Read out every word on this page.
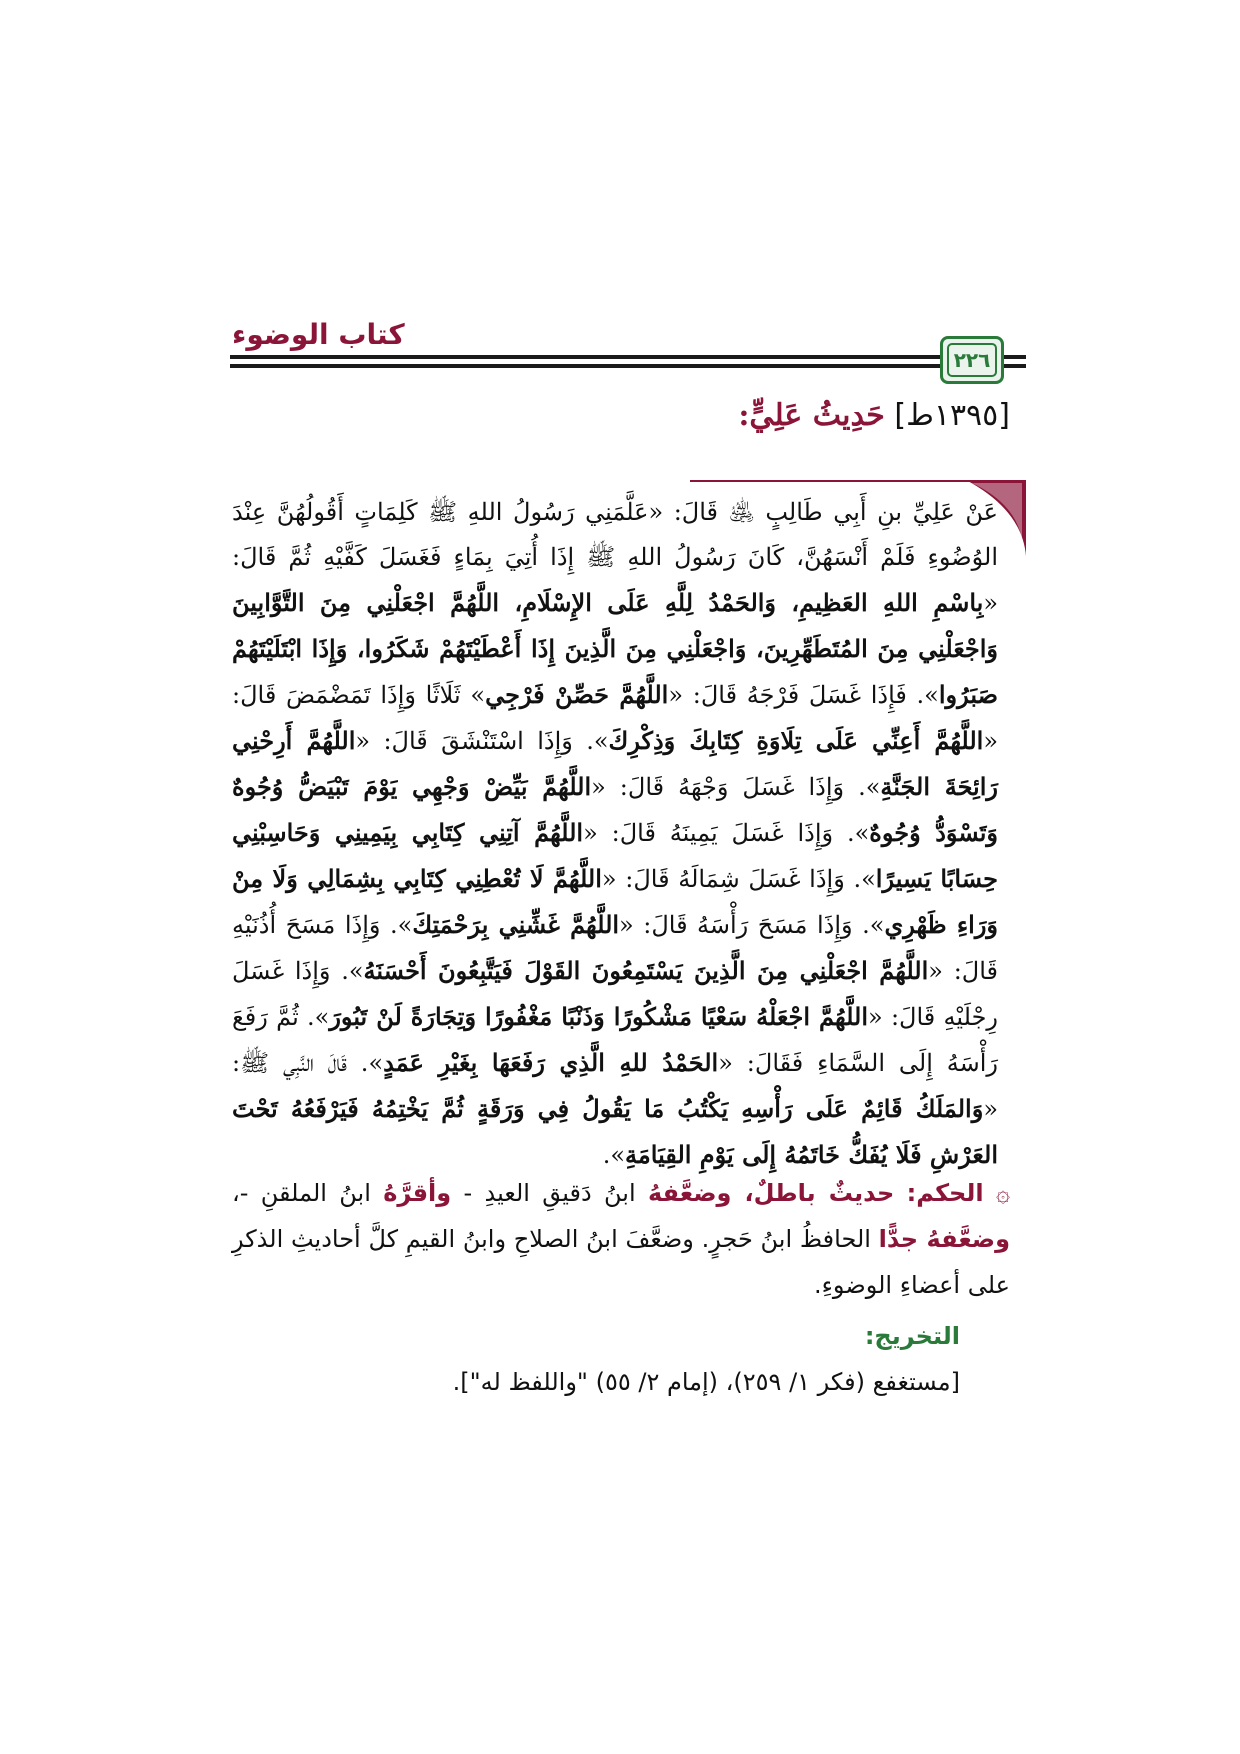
كتاب الوضوء
٢٢٦
[١٣٩٥ط] حَدِيثُ عَلِيٍّ:
عَنْ عَلِيِّ بنِ أَبِي طَالِبٍ ﵁ قَالَ: «عَلَّمَنِي رَسُولُ اللهِ ﷺ كَلِمَاتٍ أَقُولُهُنَّ عِنْدَ الوُضُوءِ فَلَمْ أَنْسَهُنَّ، كَانَ رَسُولُ اللهِ ﷺ إِذَا أُتِيَ بِمَاءٍ فَغَسَلَ كَفَّيْهِ ثُمَّ قَالَ: «بِاسْمِ اللهِ العَظِيمِ، وَالحَمْدُ لِلَّهِ عَلَى الإِسْلَامِ، اللَّهُمَّ اجْعَلْنِي مِنَ التَّوَّابِينَ وَاجْعَلْنِي مِنَ المُتَطَهِّرِينَ، وَاجْعَلْنِي مِنَ الَّذِينَ إِذَا أَعْطَيْتَهُمْ شَكَرُوا، وَإِذَا ابْتَلَيْتَهُمْ صَبَرُوا». فَإِذَا غَسَلَ فَرْجَهُ قَالَ: «اللَّهُمَّ حَصِّنْ فَرْجِي» ثَلَاثًا وَإِذَا تَمَضْمَضَ قَالَ: «اللَّهُمَّ أَعِنِّي عَلَى تِلَاوَةِ كِتَابِكَ وَذِكْرِكَ». وَإِذَا اسْتَنْشَقَ قَالَ: «اللَّهُمَّ أَرِحْنِي رَائِحَةَ الجَنَّةِ». وَإِذَا غَسَلَ وَجْهَهُ قَالَ: «اللَّهُمَّ بَيِّضْ وَجْهِي يَوْمَ تَبْيَضُّ وُجُوهٌ وَتَسْوَدُّ وُجُوهٌ». وَإِذَا غَسَلَ يَمِينَهُ قَالَ: «اللَّهُمَّ آتِنِي كِتَابِي بِيَمِينِي وَحَاسِبْنِي حِسَابًا يَسِيرًا». وَإِذَا غَسَلَ شِمَالَهُ قَالَ: «اللَّهُمَّ لَا تُعْطِنِي كِتَابِي بِشِمَالِي وَلَا مِنْ وَرَاءِ ظَهْرِي». وَإِذَا مَسَحَ رَأْسَهُ قَالَ: «اللَّهُمَّ غَشِّنِي بِرَحْمَتِكَ». وَإِذَا مَسَحَ أُذُنَيْهِ قَالَ: «اللَّهُمَّ اجْعَلْنِي مِنَ الَّذِينَ يَسْتَمِعُونَ القَوْلَ فَيَتَّبِعُونَ أَحْسَنَهُ». وَإِذَا غَسَلَ رِجْلَيْهِ قَالَ: «اللَّهُمَّ اجْعَلْهُ سَعْيًا مَشْكُورًا وَذَنْبًا مَغْفُورًا وَتِجَارَةً لَنْ تَبُورَ». ثُمَّ رَفَعَ رَأْسَهُ إِلَى السَّمَاءِ فَقَالَ: «الحَمْدُ للهِ الَّذِي رَفَعَهَا بِغَيْرِ عَمَدٍ». قَالَ النَّبِي ﷺ: «وَالمَلَكُ قَائِمٌ عَلَى رَأْسِهِ يَكْتُبُ مَا يَقُولُ فِي وَرَقَةٍ ثُمَّ يَخْتِمُهُ فَيَرْفَعُهُ تَحْتَ العَرْشِ فَلَا يُفَكُّ خَاتَمُهُ إِلَى يَوْمِ القِيَامَةِ».
۞ الحكم: حديثٌ باطلٌ، وضعَّفهُ ابنُ دَقيقِ العيدِ - وأقرَّهُ ابنُ الملقنِ -، وضعَّفهُ جدًّا الحافظُ ابنُ حَجرٍ. وضعَّفَ ابنُ الصلاحِ وابنُ القيمِ كلَّ أحاديثِ الذكرِ على أعضاءِ الوضوءِ.
التخريج:
[مستغفع (فكر ١/ ٢٥٩)، (إمام ٢/ ٥٥) "واللفظ له"].
